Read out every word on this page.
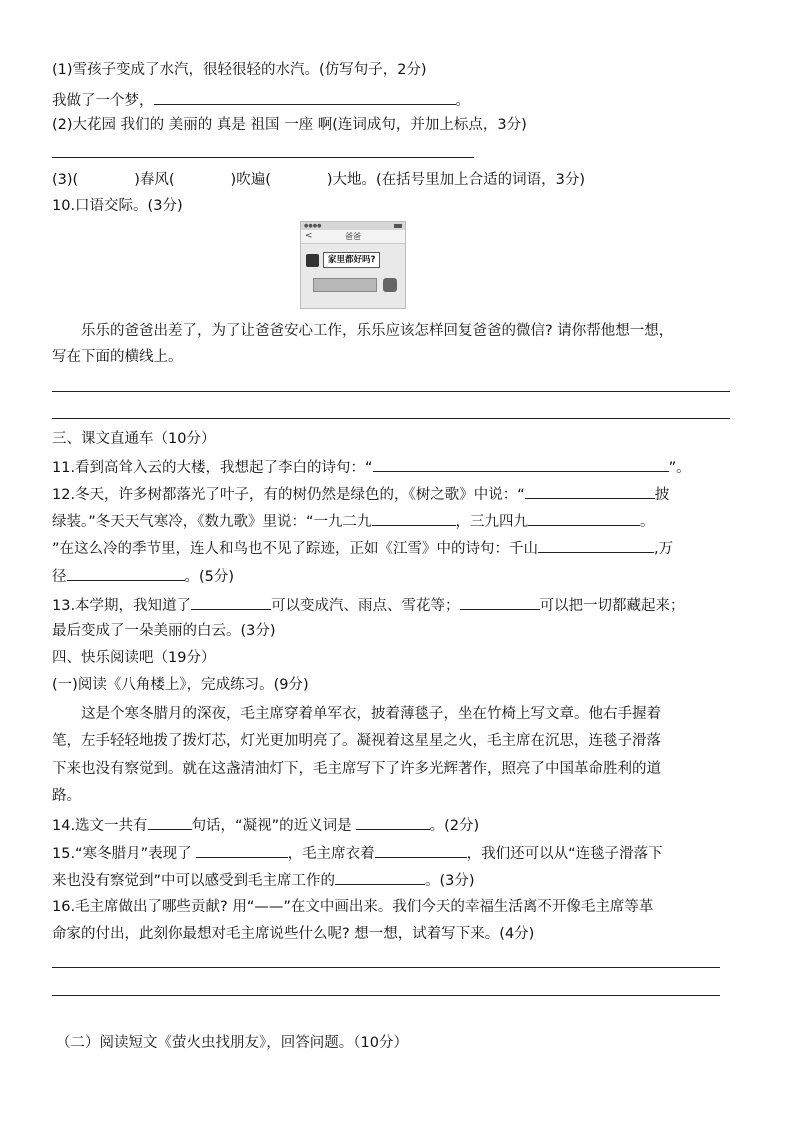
(1)雪孩子变成了水汽，很轻很轻的水汽。(仿写句子，2分)
我做了一个梦，	。
(2)大花园 我们的 美丽的 真是 祖国 一座 啊(连词成句，并加上标点，3分)
(3)(	)春风(	)吹遍(	)大地。(在括号里加上合适的词语，3分)
10.口语交际。(3分)
●●●●
<	爸爸
家里都好吗?
乐乐的爸爸出差了，为了让爸爸安心工作，乐乐应该怎样回复爸爸的微信? 请你帮他想一想，
写在下面的横线上。
三、课文直通车（10分）
11.看到高耸入云的大楼，我想起了李白的诗句：“	”。
12.冬天，许多树都落光了叶子，有的树仍然是绿色的，《树之歌》中说：“	披
绿装。”冬天天气寒冷，《数九歌》里说：“一九二九	，三九四九	。
”在这么冷的季节里，连人和鸟也不见了踪迹，正如《江雪》中的诗句：千山	,万
径	。(5分)
13.本学期，我知道了	可以变成汽、雨点、雪花等；	可以把一切都藏起来；
最后变成了一朵美丽的白云。(3分)
四、快乐阅读吧（19分）
(一)阅读《八角楼上》，完成练习。(9分)
这是个寒冬腊月的深夜，毛主席穿着单军衣，披着薄毯子，坐在竹椅上写文章。他右手握着
笔，左手轻轻地拨了拨灯芯，灯光更加明亮了。凝视着这星星之火，毛主席在沉思，连毯子滑落
下来也没有察觉到。就在这盏清油灯下，毛主席写下了许多光辉著作，照亮了中国革命胜利的道
路。
14.选文一共有	句话，“凝视”的近义词是	。(2分)
15.“寒冬腊月”表现了	，毛主席衣着	，我们还可以从“连毯子滑落下
来也没有察觉到”中可以感受到毛主席工作的	。(3分)
16.毛主席做出了哪些贡献? 用“——”在文中画出来。我们今天的幸福生活离不开像毛主席等革
命家的付出，此刻你最想对毛主席说些什么呢? 想一想，试着写下来。(4分)
（二）阅读短文《萤火虫找朋友》，回答问题。（10分）
